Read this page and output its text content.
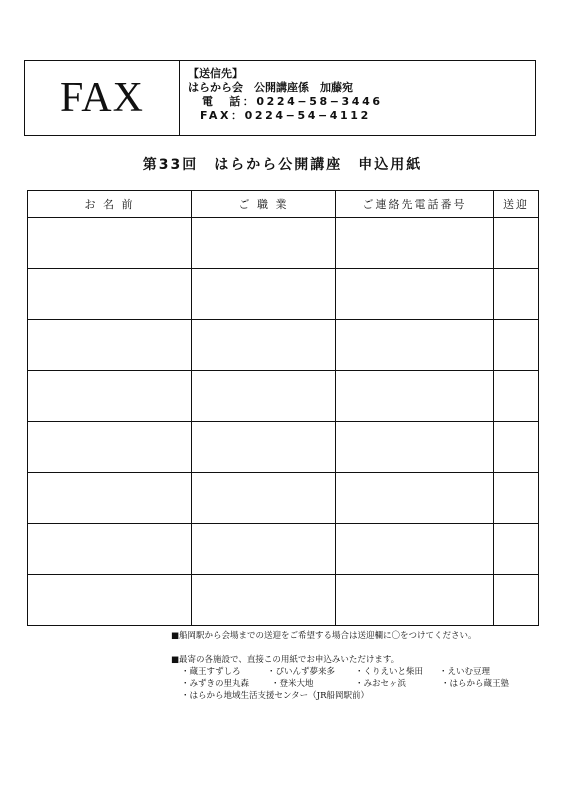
FAX
【送信先】
はらから会　公開講座係　加藤宛
電　話：0224−58−3446
FAX：0224−54−4112
第33回　はらから公開講座　申込用紙
お 名 前	ご 職 業	ご連絡先電話番号	送迎

■船岡駅から会場までの送迎をご希望する場合は送迎欄に〇をつけてください。
■最寄の各施設で、直接この用紙でお申込みいただけます。
・蔵王すずしろ	・ぴいんず夢来多 ・くりえいと柴田 ・えいむ豆理
・みずきの里丸森	・登米大地	・みおセヶ浜	・はらから蔵王塾
・はらから地域生活支援センター（JR船岡駅前）
